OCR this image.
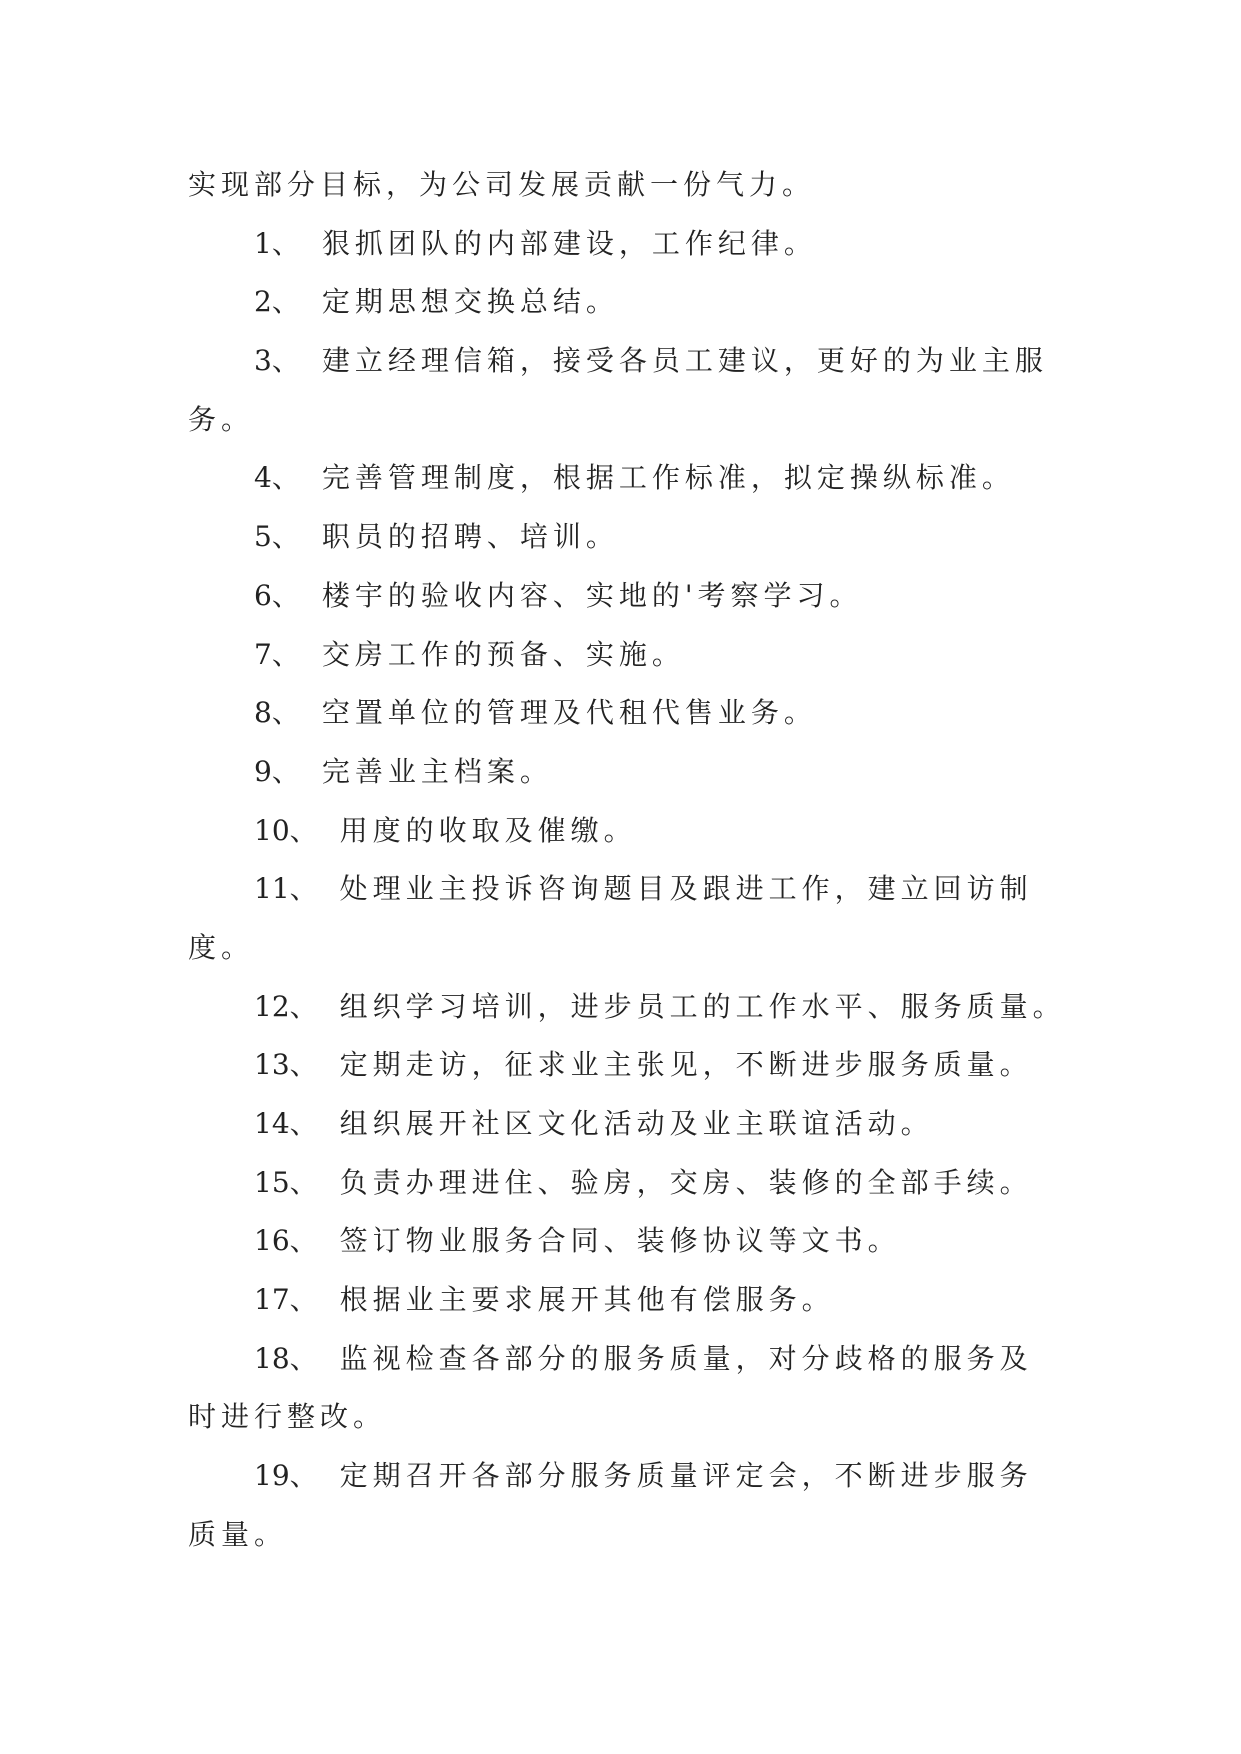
实现部分目标，为公司发展贡献一份气力。
1、 狠抓团队的内部建设，工作纪律。
2、 定期思想交换总结。
3、 建立经理信箱，接受各员工建议，更好的为业主服
务。
4、 完善管理制度，根据工作标准，拟定操纵标准。
5、 职员的招聘、培训。
6、 楼宇的验收内容、实地的'考察学习。
7、 交房工作的预备、实施。
8、 空置单位的管理及代租代售业务。
9、 完善业主档案。
10、 用度的收取及催缴。
11、 处理业主投诉咨询题目及跟进工作，建立回访制
度。
12、 组织学习培训，进步员工的工作水平、服务质量。
13、 定期走访，征求业主张见，不断进步服务质量。
14、 组织展开社区文化活动及业主联谊活动。
15、 负责办理进住、验房，交房、装修的全部手续。
16、 签订物业服务合同、装修协议等文书。
17、 根据业主要求展开其他有偿服务。
18、 监视检查各部分的服务质量，对分歧格的服务及
时进行整改。
19、 定期召开各部分服务质量评定会，不断进步服务
质量。
